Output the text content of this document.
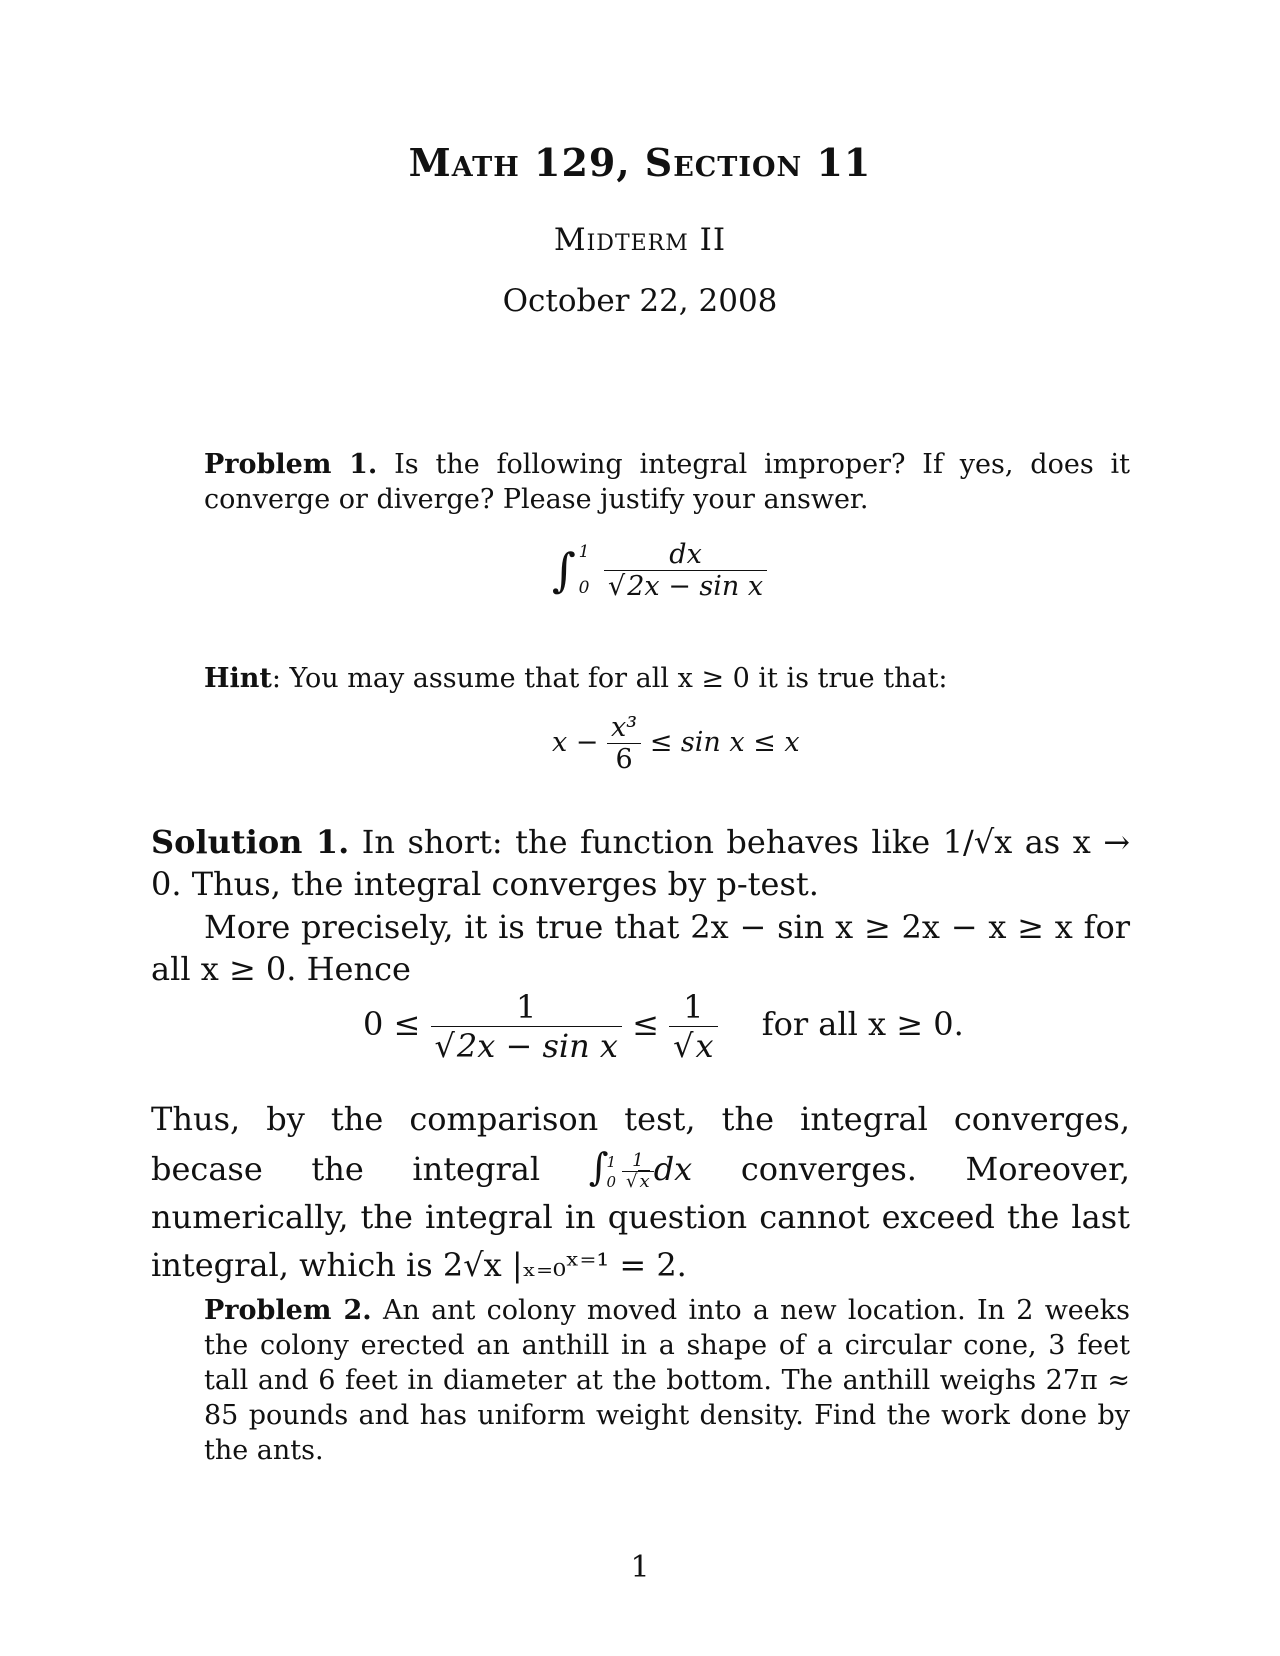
Math 129, Section 11
Midterm II
October 22, 2008
Problem 1. Is the following integral improper? If yes, does it converge or diverge? Please justify your answer.
∫ 1
0
$\frac{dx}{\text{√2x − sin x}}$
Hint: You may assume that for all x ≥ 0 it is true that:
$x - \frac{\text{x³}}{6} \le \sin x \le x$
Solution 1. In short: the function behaves like 1/√x as x → 0. Thus, the integral converges by p-test.
More precisely, it is true that 2x − sin x ≥ 2x − x ≥ x for all x ≥ 0. Hence
$0 \le \frac{1}{\text{√2x − sin x}} \le \frac{1}{√x}$ for all x ≥ 0.
Thus, by the comparison test, the integral converges, becase the integral ∫
1
$0 \frac{1}{√ x}$ dx converges. Moreover, numerically, the integral in question cannot exceed the last integral, which is 2√x |ₓ₌₀ˣ⁼¹ = 2.
Problem 2. An ant colony moved into a new location. In 2 weeks the colony erected an anthill in a shape of a circular cone, 3 feet tall and 6 feet in diameter at the bottom. The anthill weighs 27π ≈ 85 pounds and has uniform weight density. Find the work done by the ants.
1
